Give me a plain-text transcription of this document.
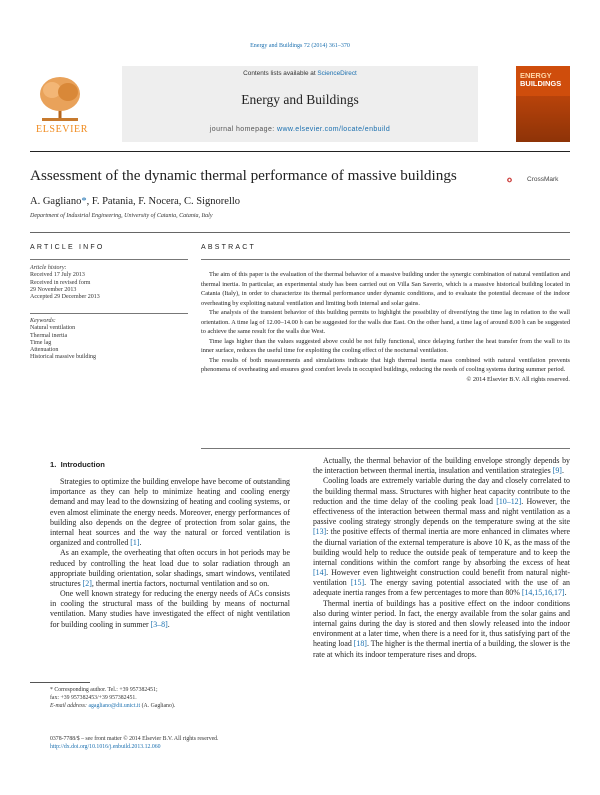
Energy and Buildings 72 (2014) 361–370
Contents lists available at ScienceDirect
Energy and Buildings
journal homepage: www.elsevier.com/locate/enbuild
ELSEVIER
ENERGY
BUILDINGS
Assessment of the dynamic thermal performance of massive buildings	CrossMark
A. Gagliano*, F. Patania, F. Nocera, C. Signorello
Department of Industrial Engineering, University of Catania, Catania, Italy
ARTICLE INFO
Article history:
Received 17 July 2013
Received in revised form
29 November 2013
Accepted 29 December 2013
Keywords:
Natural ventilation
Thermal inertia
Time lag
Attenuation
Historical massive building
ABSTRACT

The aim of this paper is the evaluation of the thermal behavior of a massive building under the synergic combination of natural ventilation and thermal inertia. In particular, an experimental study has been carried out on Villa San Saverio, which is a massive historical building located in Catania (Italy), in order to characterize its thermal performance under dynamic conditions, and to evaluate the potential decrease of the indoor overheating by exploiting natural ventilation and limiting both internal and solar gains.

The analysis of the transient behavior of this building permits to highlight the possibility of diversifying the time lag in relation to the wall orientation. A time lag of 12.00–14.00 h can be suggested for the walls due East. On the other hand, a time lag of around 8.00 h can be suggested to achieve the same result for the walls due West.

Time lags higher than the values suggested above could be not fully functional, since delaying further the heat transfer from the wall to its inner surface, reduces the useful time for exploiting the cooling effect of the nocturnal ventilation.

The results of both measurements and simulations indicate that high thermal inertia mass combined with natural ventilation prevents phenomena of overheating and ensures good comfort levels in occupied buildings, reducing the needs of cooling systems during summer period.

© 2014 Elsevier B.V. All rights reserved.

1. Introduction

Strategies to optimize the building envelope have become of outstanding importance as they can help to minimize heating and cooling energy demand and may lead to the downsizing of heating and cooling systems, or even almost eliminate the energy needs. Moreover, energy performances of building also depends on the degree of protection from solar gains, the internal heat sources and the way the natural or forced ventilation is organized and controlled [1].

As an example, the overheating that often occurs in hot periods may be reduced by controlling the heat load due to solar radiation through an appropriate building orientation, solar shadings, smart windows, ventilated structures [2], thermal inertia factors, nocturnal ventilation and so on.

One well known strategy for reducing the energy needs of ACs consists in cooling the structural mass of the building by means of nocturnal ventilation. Many studies have investigated the effect of night ventilation for building cooling in summer [3–8].

Actually, the thermal behavior of the building envelope strongly depends by the interaction between thermal inertia, insulation and ventilation strategies [9].

Cooling loads are extremely variable during the day and closely correlated to the building thermal mass. Structures with higher heat capacity contribute to the reduction and the time delay of the cooling peak load [10–12]. However, the effectiveness of the interaction between thermal mass and night ventilation as a passive cooling strategy strongly depends on the temperature swing at the site [13]: the positive effects of thermal inertia are more enhanced in climates where the diurnal variation of the external temperature is above 10 K, as the mass of the building would help to reduce the outside peak of temperature and to keep the internal conditions within the comfort range by absorbing the excess of heat [14]. However even lightweight construction could benefit from natural night-ventilation [15]. The energy saving potential associated with the use of an adequate inertia ranges from a few percentages to more than 80% [14,15,16,17].

Thermal inertia of buildings has a positive effect on the indoor conditions also during winter period. In fact, the energy available from the solar gains and internal gains during the day is stored and then slowly released into the indoor environment at a later time, when there is a need for it, thus satisfying part of the heating load [18]. The higher is the thermal inertia of a building, the slower is the rate at which its indoor temperature rises and drops.

* Corresponding author. Tel.: +39 957382451;
fax: +39 957382453/+39 957382451.
E-mail address: agagliano@dii.unict.it (A. Gagliano).
0378-7788/$ – see front matter © 2014 Elsevier B.V. All rights reserved.
http://dx.doi.org/10.1016/j.enbuild.2013.12.060
